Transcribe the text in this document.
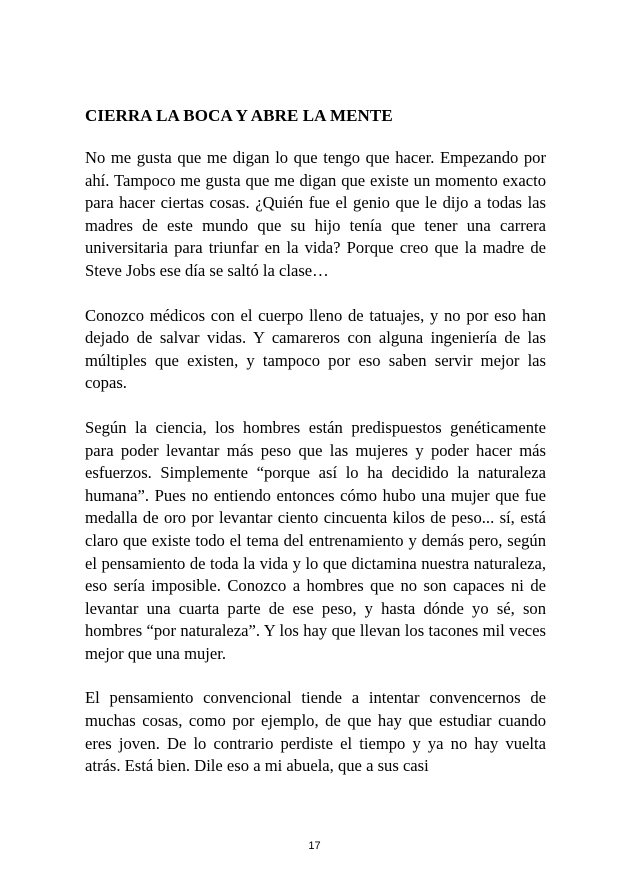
CIERRA LA BOCA Y ABRE LA MENTE

No me gusta que me digan lo que tengo que hacer. Empezando por ahí. Tampoco me gusta que me digan que existe un momento exacto para hacer ciertas cosas. ¿Quién fue el genio que le dijo a todas las madres de este mundo que su hijo tenía que tener una carrera universitaria para triunfar en la vida? Porque creo que la madre de Steve Jobs ese día se saltó la clase…

Conozco médicos con el cuerpo lleno de tatuajes, y no por eso han dejado de salvar vidas. Y camareros con alguna ingeniería de las múltiples que existen, y tampoco por eso saben servir mejor las copas.

Según la ciencia, los hombres están predispuestos genéticamente para poder levantar más peso que las mujeres y poder hacer más esfuerzos. Simplemente “porque así lo ha decidido la naturaleza humana”. Pues no entiendo entonces cómo hubo una mujer que fue medalla de oro por levantar ciento cincuenta kilos de peso... sí, está claro que existe todo el tema del entrenamiento y demás pero, según el pensamiento de toda la vida y lo que dictamina nuestra naturaleza, eso sería imposible. Conozco a hombres que no son capaces ni de levantar una cuarta parte de ese peso, y hasta dónde yo sé, son hombres “por naturaleza”. Y los hay que llevan los tacones mil veces mejor que una mujer.

El pensamiento convencional tiende a intentar convencernos de muchas cosas, como por ejemplo, de que hay que estudiar cuando eres joven. De lo contrario perdiste el tiempo y ya no hay vuelta atrás. Está bien. Dile eso a mi abuela, que a sus casi

17
